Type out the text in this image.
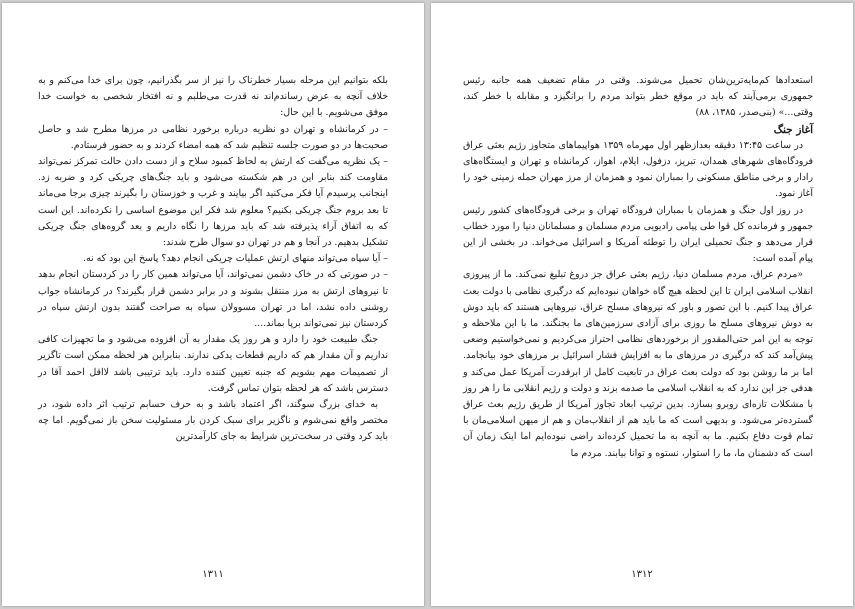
بلکه بتوانیم این مرحله بسیار خطرناک را نیز از سر بگذرانیم، چون برای خدا می‌کنم و به خلاف آنچه به عرض رساندم‌اند نه قدرت می‌طلبم و نه افتخار شخصی به خواست خدا موفق می‌شویم. با این حال:

– در کرمانشاه و تهران دو نظریه درباره برخورد نظامی در مرزها مطرح شد و حاصل صحبت‌ها در دو صورت جلسه تنظیم شد که همه امضاء کردند و به حضور فرستادم.

– یک نظریه می‌گفت که ارتش به لحاظ کمبود سلاح و از دست دادن حالت تمرکز نمی‌تواند مقاومت کند بنابر این در هم شکسته می‌شود و باید جنگ‌های چریکی کرد و ضربه زد. اینجانب پرسیدم آیا فکر می‌کنید اگر بیایند و غرب و خوزستان را بگیرند چیزی برجا می‌ماند تا بعد بروم جنگ چریکی بکنیم؟ معلوم شد فکر این موضوع اساسی را نکرده‌اند. این است که به اتفاق آراء پذیرفته شد که باید مرزها را نگاه داریم و بعد گروه‌های جنگ چریکی تشکیل بدهیم. در آنجا و هم در تهران دو سوال طرح شدند:

– آیا سپاه می‌تواند منهای ارتش عملیات چریکی انجام دهد؟ پاسخ این بود که نه.

– در صورتی که در خاک دشمن نمی‌تواند، آیا می‌تواند همین کار را در کردستان انجام بدهد تا نیروهای ارتش به مرز منتقل بشوند و در برابر دشمن قرار بگیرند؟ در کرمانشاه جواب روشنی داده نشد، اما در تهران مسوولان سپاه به صراحت گفتند بدون ارتش سپاه در کردستان نیز نمی‌تواند برپا بماند....

جنگ طبیعت خود را دارد و هر روز یک مقدار به آن افزوده می‌شود و ما تجهیزات کافی نداریم و آن مقدار هم که داریم قطعات یدکی ندارند. بنابراین هر لحظه ممکن است تاگزیر از تصمیمات مهم بشویم که جنبه تعیین کننده دارد. باید ترتیبی باشد لااقل احمد آقا در دسترس باشد که هر لحظه بتوان تماس گرفت.

به خدای بزرگ سوگند، اگر اعتماد باشد و به حرف حسابم ترتیب اثر داده شود، در مختصر واقع نمی‌شوم و ناگزیر برای سبک کردن بار مسئولیت سخن باز نمی‌گویم. اما چه باید کرد وقتی در سخت‌ترین شرایط به جای کارآمدترین

۱۳۱۱

استعدادها کم‌مایه‌ترین‌شان تحمیل می‌شوند. وقتی در مقام تضعیف همه جانبه رئیس جمهوری برمی‌آیند که باید در موقع خطر بتواند مردم را برانگیزد و مقابله با خطر کند، وقتی...» (بنی‌صدر، ۱۳۸۵، ۸۸)

آغاز جنگ

در ساعت ۱۳:۴۵ دقیقه بعدازظهر اول مهرماه ۱۳۵۹ هواپیماهای متجاوز رژیم بعثی عراق فرودگاه‌های شهرهای همدان، تبریز، دزفول، ایلام، اهواز، کرمانشاه و تهران و ایستگاه‌های رادار و برخی مناطق مسکونی را بمباران نمود و همزمان از مرز مهران حمله زمینی خود را آغاز نمود.

در روز اول جنگ و همزمان با بمباران فرودگاه تهران و برخی فرودگاه‌های کشور رئیس جمهور و فرمانده کل قوا طی پیامی رادیویی مردم مسلمان و مسلمانان دنیا را مورد خطاب قرار می‌دهد و جنگ تحمیلی ایران را توطئه آمریکا و اسرائیل می‌خواند. در بخشی از این پیام آمده است:

«مردم عراق، مردم مسلمان دنیا، رژیم بعثی عراق جز دروغ تبلیغ نمی‌کند. ما از پیروزی انقلاب اسلامی ایران تا این لحظه هیچ گاه خواهان نبوده‌ایم که درگیری نظامی با دولت بعث عراق پیدا کنیم. با این تصور و باور که نیروهای مسلح عراق، نیروهایی هستند که باید دوش به دوش نیروهای مسلح ما روزی برای آزادی سرزمین‌های ما بجنگند. ما با این ملاحظه و توجه به این امر حتی‌المقدور از برخوردهای نظامی احتراز می‌کردیم و نمی‌خواستیم وضعی پیش‌آمد کند که درگیری در مرزهای ما به افزایش فشار اسرائیل بر مرزهای خود بیانجامد. اما بر ما روشن بود که دولت بعث عراق در تابعیت کامل از ابرقدرت آمریکا عمل می‌کند و هدفی جز این ندارد که به انقلاب اسلامی ما صدمه بزند و دولت و رژیم انقلابی ما را هر روز با مشکلات تازه‌ای روبرو بسازد. بدین ترتیب ابعاد تجاوز آمریکا از طریق رژیم بعث عراق گسترده‌تر می‌شود. و بدیهی است که ما باید هم از انقلاب‌مان و هم از میهن اسلامی‌مان با تمام قوت دفاع بکنیم. ما به آنچه به ما تحمیل کرده‌اند راضی نبوده‌ایم اما اینک زمان آن است که دشمنان ما، ما را استوار، نستوه و توانا بیابند. مردم ما

۱۳۱۲
